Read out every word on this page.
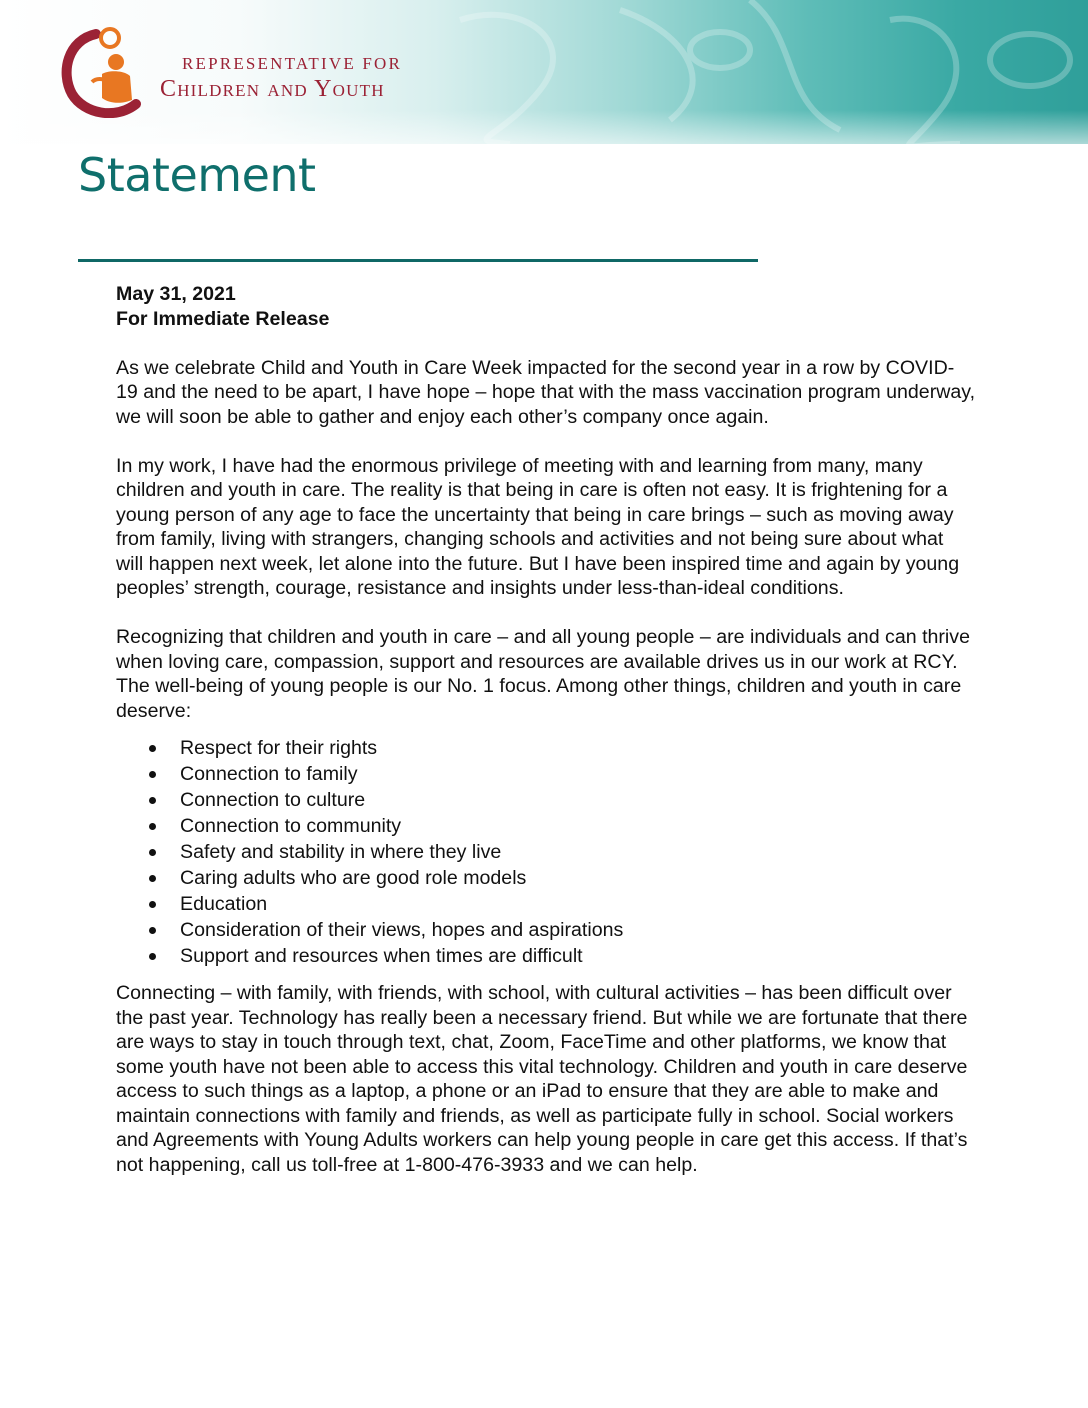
REPRESENTATIVE FOR
Children and Youth
Statement
May 31, 2021
For Immediate Release

As we celebrate Child and Youth in Care Week impacted for the second year in a row by COVID-19 and the need to be apart, I have hope – hope that with the mass vaccination program underway, we will soon be able to gather and enjoy each other’s company once again.

In my work, I have had the enormous privilege of meeting with and learning from many, many children and youth in care. The reality is that being in care is often not easy. It is frightening for a young person of any age to face the uncertainty that being in care brings – such as moving away from family, living with strangers, changing schools and activities and not being sure about what will happen next week, let alone into the future. But I have been inspired time and again by young peoples’ strength, courage, resistance and insights under less-than-ideal conditions.

Recognizing that children and youth in care – and all young people – are individuals and can thrive when loving care, compassion, support and resources are available drives us in our work at RCY. The well-being of young people is our No. 1 focus. Among other things, children and youth in care deserve:

Respect for their rights
Connection to family
Connection to culture
Connection to community
Safety and stability in where they live
Caring adults who are good role models
Education
Consideration of their views, hopes and aspirations
Support and resources when times are difficult

Connecting – with family, with friends, with school, with cultural activities – has been difficult over the past year. Technology has really been a necessary friend. But while we are fortunate that there are ways to stay in touch through text, chat, Zoom, FaceTime and other platforms, we know that some youth have not been able to access this vital technology. Children and youth in care deserve access to such things as a laptop, a phone or an iPad to ensure that they are able to make and maintain connections with family and friends, as well as participate fully in school. Social workers and Agreements with Young Adults workers can help young people in care get this access. If that’s not happening, call us toll-free at 1-800-476-3933 and we can help.
